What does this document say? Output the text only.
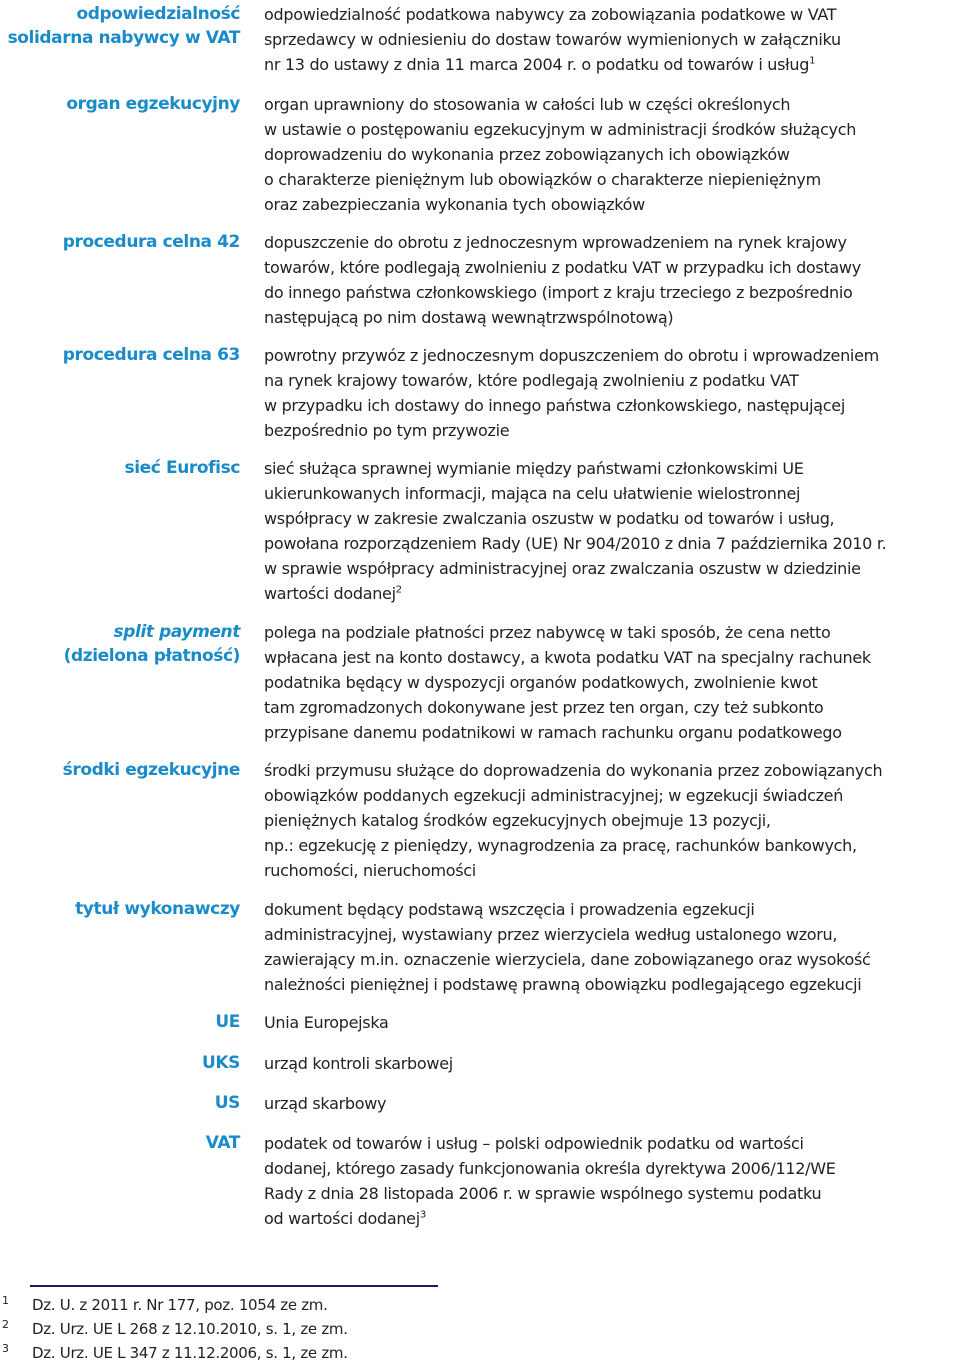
odpowiedzialność
solidarna nabywcy w VAT
odpowiedzialność podatkowa nabywcy za zobowiązania podatkowe w VAT
sprzedawcy w odniesieniu do dostaw towarów wymienionych w załączniku
nr 13 do ustawy z dnia 11 marca 2004 r. o podatku od towarów i usług$^1$
organ egzekucyjny organ uprawniony do stosowania w całości lub w części określonych
w ustawie o postępowaniu egzekucyjnym w administracji środków służących
doprowadzeniu do wykonania przez zobowiązanych ich obowiązków
o charakterze pieniężnym lub obowiązków o charakterze niepieniężnym
oraz zabezpieczania wykonania tych obowiązków
procedura celna 42 dopuszczenie do obrotu z jednoczesnym wprowadzeniem na rynek krajowy
towarów, które podlegają zwolnieniu z podatku VAT w przypadku ich dostawy
do innego państwa członkowskiego (import z kraju trzeciego z bezpośrednio
następującą po nim dostawą wewnątrzwspólnotową)
procedura celna 63 powrotny przywóz z jednoczesnym dopuszczeniem do obrotu i wprowadzeniem
na rynek krajowy towarów, które podlegają zwolnieniu z podatku VAT
w przypadku ich dostawy do innego państwa członkowskiego, następującej
bezpośrednio po tym przywozie
sieć Eurofisc sieć służąca sprawnej wymianie między państwami członkowskimi UE
ukierunkowanych informacji, mająca na celu ułatwienie wielostronnej
współpracy w zakresie zwalczania oszustw w podatku od towarów i usług,
powołana rozporządzeniem Rady (UE) Nr 904/2010 z dnia 7 października 2010 r.
w sprawie współpracy administracyjnej oraz zwalczania oszustw w dziedzinie
wartości dodanej$^2$
split payment
(dzielona płatność)
polega na podziale płatności przez nabywcę w taki sposób, że cena netto
wpłacana jest na konto dostawcy, a kwota podatku VAT na specjalny rachunek
podatnika będący w dyspozycji organów podatkowych, zwolnienie kwot
tam zgromadzonych dokonywane jest przez ten organ, czy też subkonto
przypisane danemu podatnikowi w ramach rachunku organu podatkowego
środki egzekucyjne środki przymusu służące do doprowadzenia do wykonania przez zobowiązanych
obowiązków poddanych egzekucji administracyjnej; w egzekucji świadczeń
pieniężnych katalog środków egzekucyjnych obejmuje 13 pozycji,
np.: egzekucję z pieniędzy, wynagrodzenia za pracę, rachunków bankowych,
ruchomości, nieruchomości
tytuł wykonawczy dokument będący podstawą wszczęcia i prowadzenia egzekucji
administracyjnej, wystawiany przez wierzyciela według ustalonego wzoru,
zawierający m.in. oznaczenie wierzyciela, dane zobowiązanego oraz wysokość
należności pieniężnej i podstawę prawną obowiązku podlegającego egzekucji
UE Unia Europejska
UKS urząd kontroli skarbowej
US urząd skarbowy
VAT podatek od towarów i usług – polski odpowiednik podatku od wartości
dodanej, którego zasady funkcjonowania określa dyrektywa 2006/112/WE
Rady z dnia 28 listopada 2006 r. w sprawie wspólnego systemu podatku
od wartości dodanej$^3$
1 Dz. U. z 2011 r. Nr 177, poz. 1054 ze zm.
2 Dz. Urz. UE L 268 z 12.10.2010, s. 1, ze zm.
3 Dz. Urz. UE L 347 z 11.12.2006, s. 1, ze zm.
